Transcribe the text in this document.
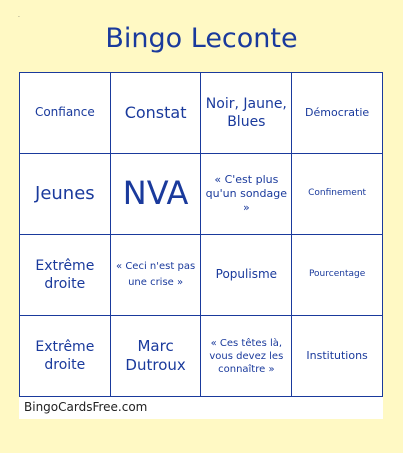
·
Bingo Leconte
Confiance	Constat	Noir, Jaune, Blues	Démocratie
Jeunes	NVA	« C'est plus qu'un sondage »	Confinement
Extrême droite	« Ceci n'est pas une crise »	Populisme	Pourcentage
Extrême droite	Marc Dutroux	« Ces têtes là, vous devez les connaître »	Institutions
BingoCardsFree.com
